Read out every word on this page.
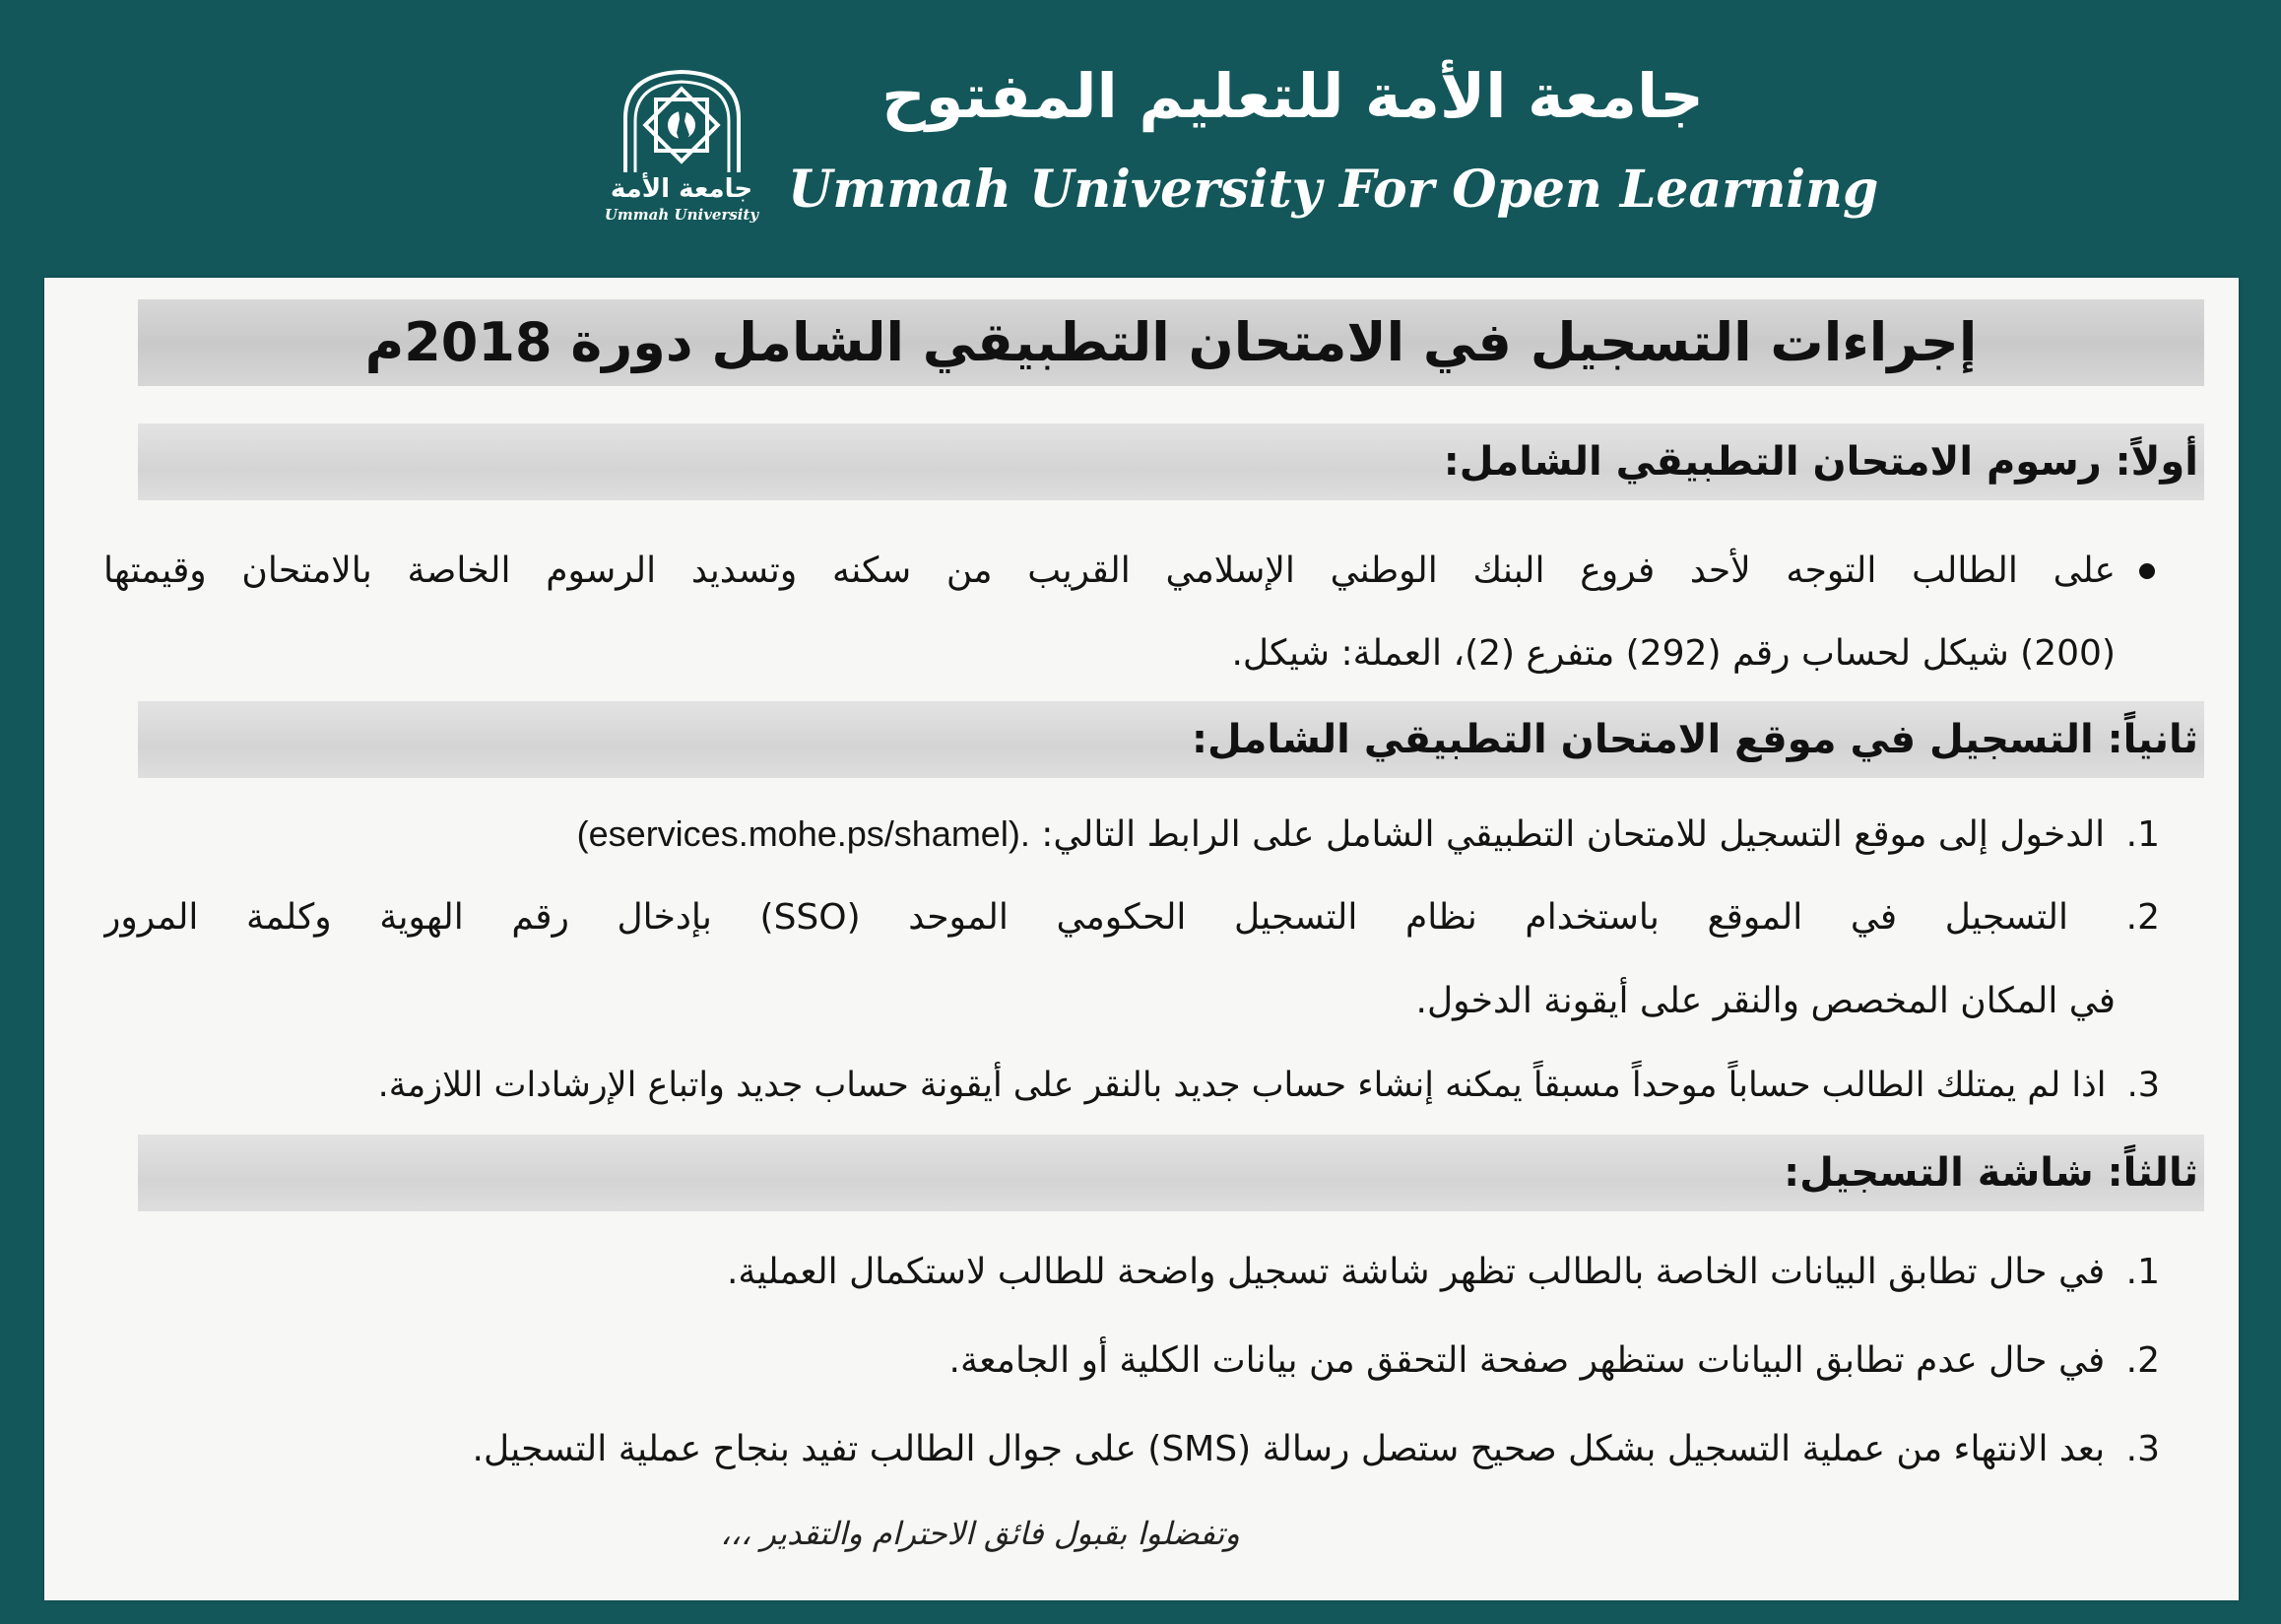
جامعة الأمة
Ummah University
جامعة الأمة للتعليم المفتوح
Ummah University For Open Learning
إجراءات التسجيل في الامتحان التطبيقي الشامل دورة 2018م
أولاً: رسوم الامتحان التطبيقي الشامل:
على الطالب التوجه لأحد فروع البنك الوطني الإسلامي القريب من سكنه وتسديد الرسوم الخاصة بالامتحان وقيمتها
(200) شيكل لحساب رقم (292) متفرع (2)، العملة: شيكل.
ثانياً: التسجيل في موقع الامتحان التطبيقي الشامل:
1. الدخول إلى موقع التسجيل للامتحان التطبيقي الشامل على الرابط التالي: (eservices.mohe.ps/shamel).
2. التسجيل في الموقع باستخدام نظام التسجيل الحكومي الموحد (SSO) بإدخال رقم الهوية وكلمة المرور
في المكان المخصص والنقر على أيقونة الدخول.
3. اذا لم يمتلك الطالب حساباً موحداً مسبقاً يمكنه إنشاء حساب جديد بالنقر على أيقونة حساب جديد واتباع الإرشادات اللازمة.
ثالثاً: شاشة التسجيل:
1. في حال تطابق البيانات الخاصة بالطالب تظهر شاشة تسجيل واضحة للطالب لاستكمال العملية.
2. في حال عدم تطابق البيانات ستظهر صفحة التحقق من بيانات الكلية أو الجامعة.
3. بعد الانتهاء من عملية التسجيل بشكل صحيح ستصل رسالة (SMS) على جوال الطالب تفيد بنجاح عملية التسجيل.
وتفضلوا بقبول فائق الاحترام والتقدير ،،،
